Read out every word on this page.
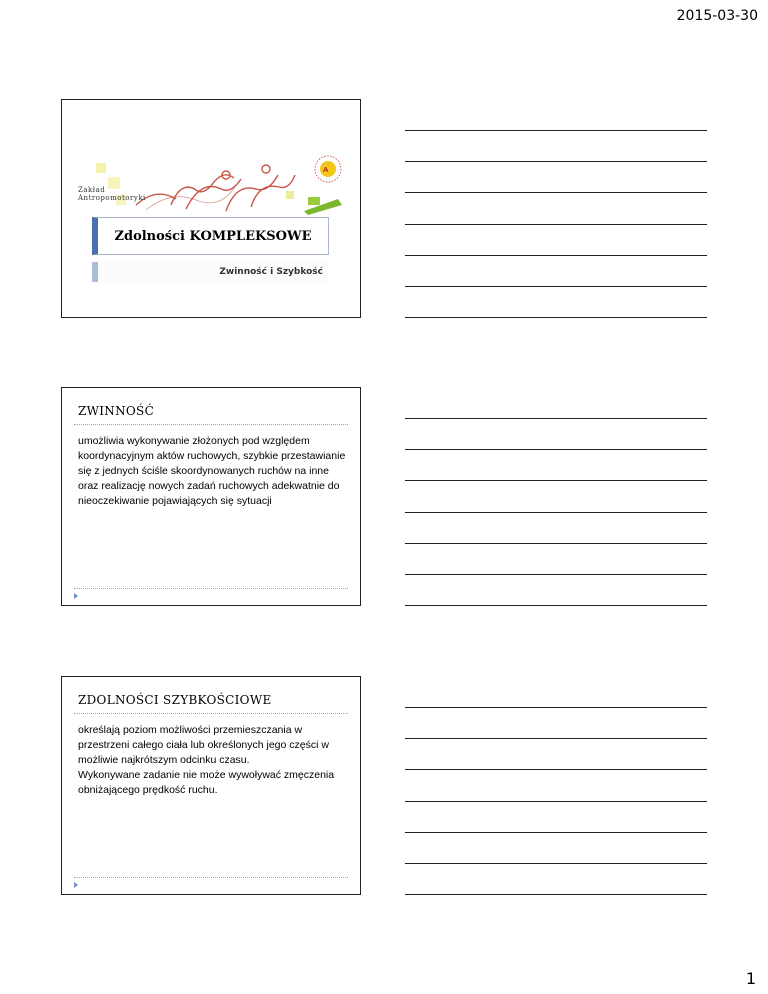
2015-03-30
A
Zakład
Antropomotoryki
Zdolności KOMPLEKSOWE
Zwinność i Szybkość
ZWINNOŚĆ
umożliwia wykonywanie złożonych pod względem koordynacyjnym aktów ruchowych, szybkie przestawianie się z jednych ściśle skoordynowanych ruchów na inne oraz realizację nowych zadań ruchowych adekwatnie do nieoczekiwanie pojawiających się sytuacji
ZDOLNOŚCI SZYBKOŚCIOWE
określają poziom możliwości przemieszczania w przestrzeni całego ciała lub określonych jego części w możliwie najkrótszym odcinku czasu.
Wykonywane zadanie nie może wywoływać zmęczenia obniżającego prędkość ruchu.
1
